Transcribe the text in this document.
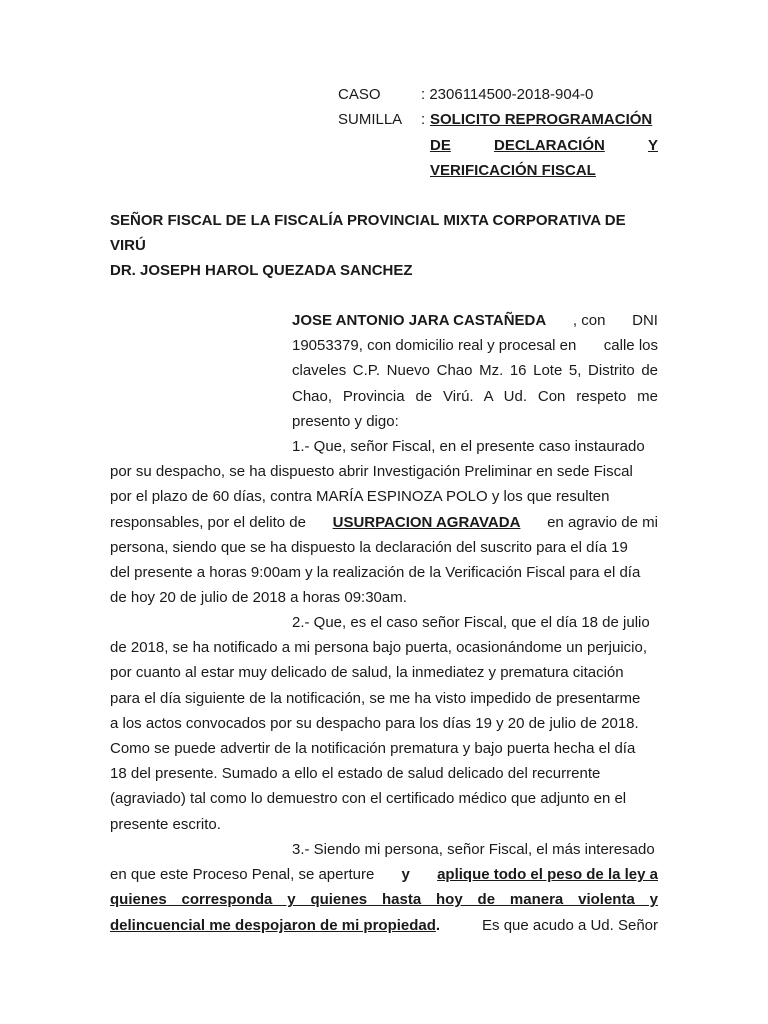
CASO	: 2306114500-2018-904-0
SUMILLA : SOLICITO REPROGRAMACIÓN
DE	DECLARACIÓN	Y
VERIFICACIÓN FISCAL
SEÑOR FISCAL DE LA FISCALÍA PROVINCIAL MIXTA CORPORATIVA DE
VIRÚ
DR. JOSEPH HAROL QUEZADA SANCHEZ
JOSE ANTONIO JARA CASTAÑEDA , con DNI
19053379, con domicilio real y procesal en calle los
claveles C.P. Nuevo Chao Mz. 16 Lote 5, Distrito de
Chao, Provincia de Virú. A Ud. Con respeto me
presento y digo:
1.- Que, señor Fiscal, en el presente caso instaurado
por su despacho, se ha dispuesto abrir Investigación Preliminar en sede Fiscal
por el plazo de 60 días, contra MARÍA ESPINOZA POLO y los que resulten
responsables, por el delito de USURPACION AGRAVADA en agravio de mi
persona, siendo que se ha dispuesto la declaración del suscrito para el día 19
del presente a horas 9:00am y la realización de la Verificación Fiscal para el día
de hoy 20 de julio de 2018 a horas 09:30am.
2.- Que, es el caso señor Fiscal, que el día 18 de julio
de 2018, se ha notificado a mi persona bajo puerta, ocasionándome un perjuicio,
por cuanto al estar muy delicado de salud, la inmediatez y prematura citación
para el día siguiente de la notificación, se me ha visto impedido de presentarme
a los actos convocados por su despacho para los días 19 y 20 de julio de 2018.
Como se puede advertir de la notificación prematura y bajo puerta hecha el día
18 del presente. Sumado a ello el estado de salud delicado del recurrente
(agraviado) tal como lo demuestro con el certificado médico que adjunto en el
presente escrito.
3.- Siendo mi persona, señor Fiscal, el más interesado
en que este Proceso Penal, se aperture y aplique todo el peso de la ley a
quienes corresponda y quienes hasta hoy de manera violenta y
delincuencial me despojaron de mi propiedad.	Es que acudo a Ud. Señor
